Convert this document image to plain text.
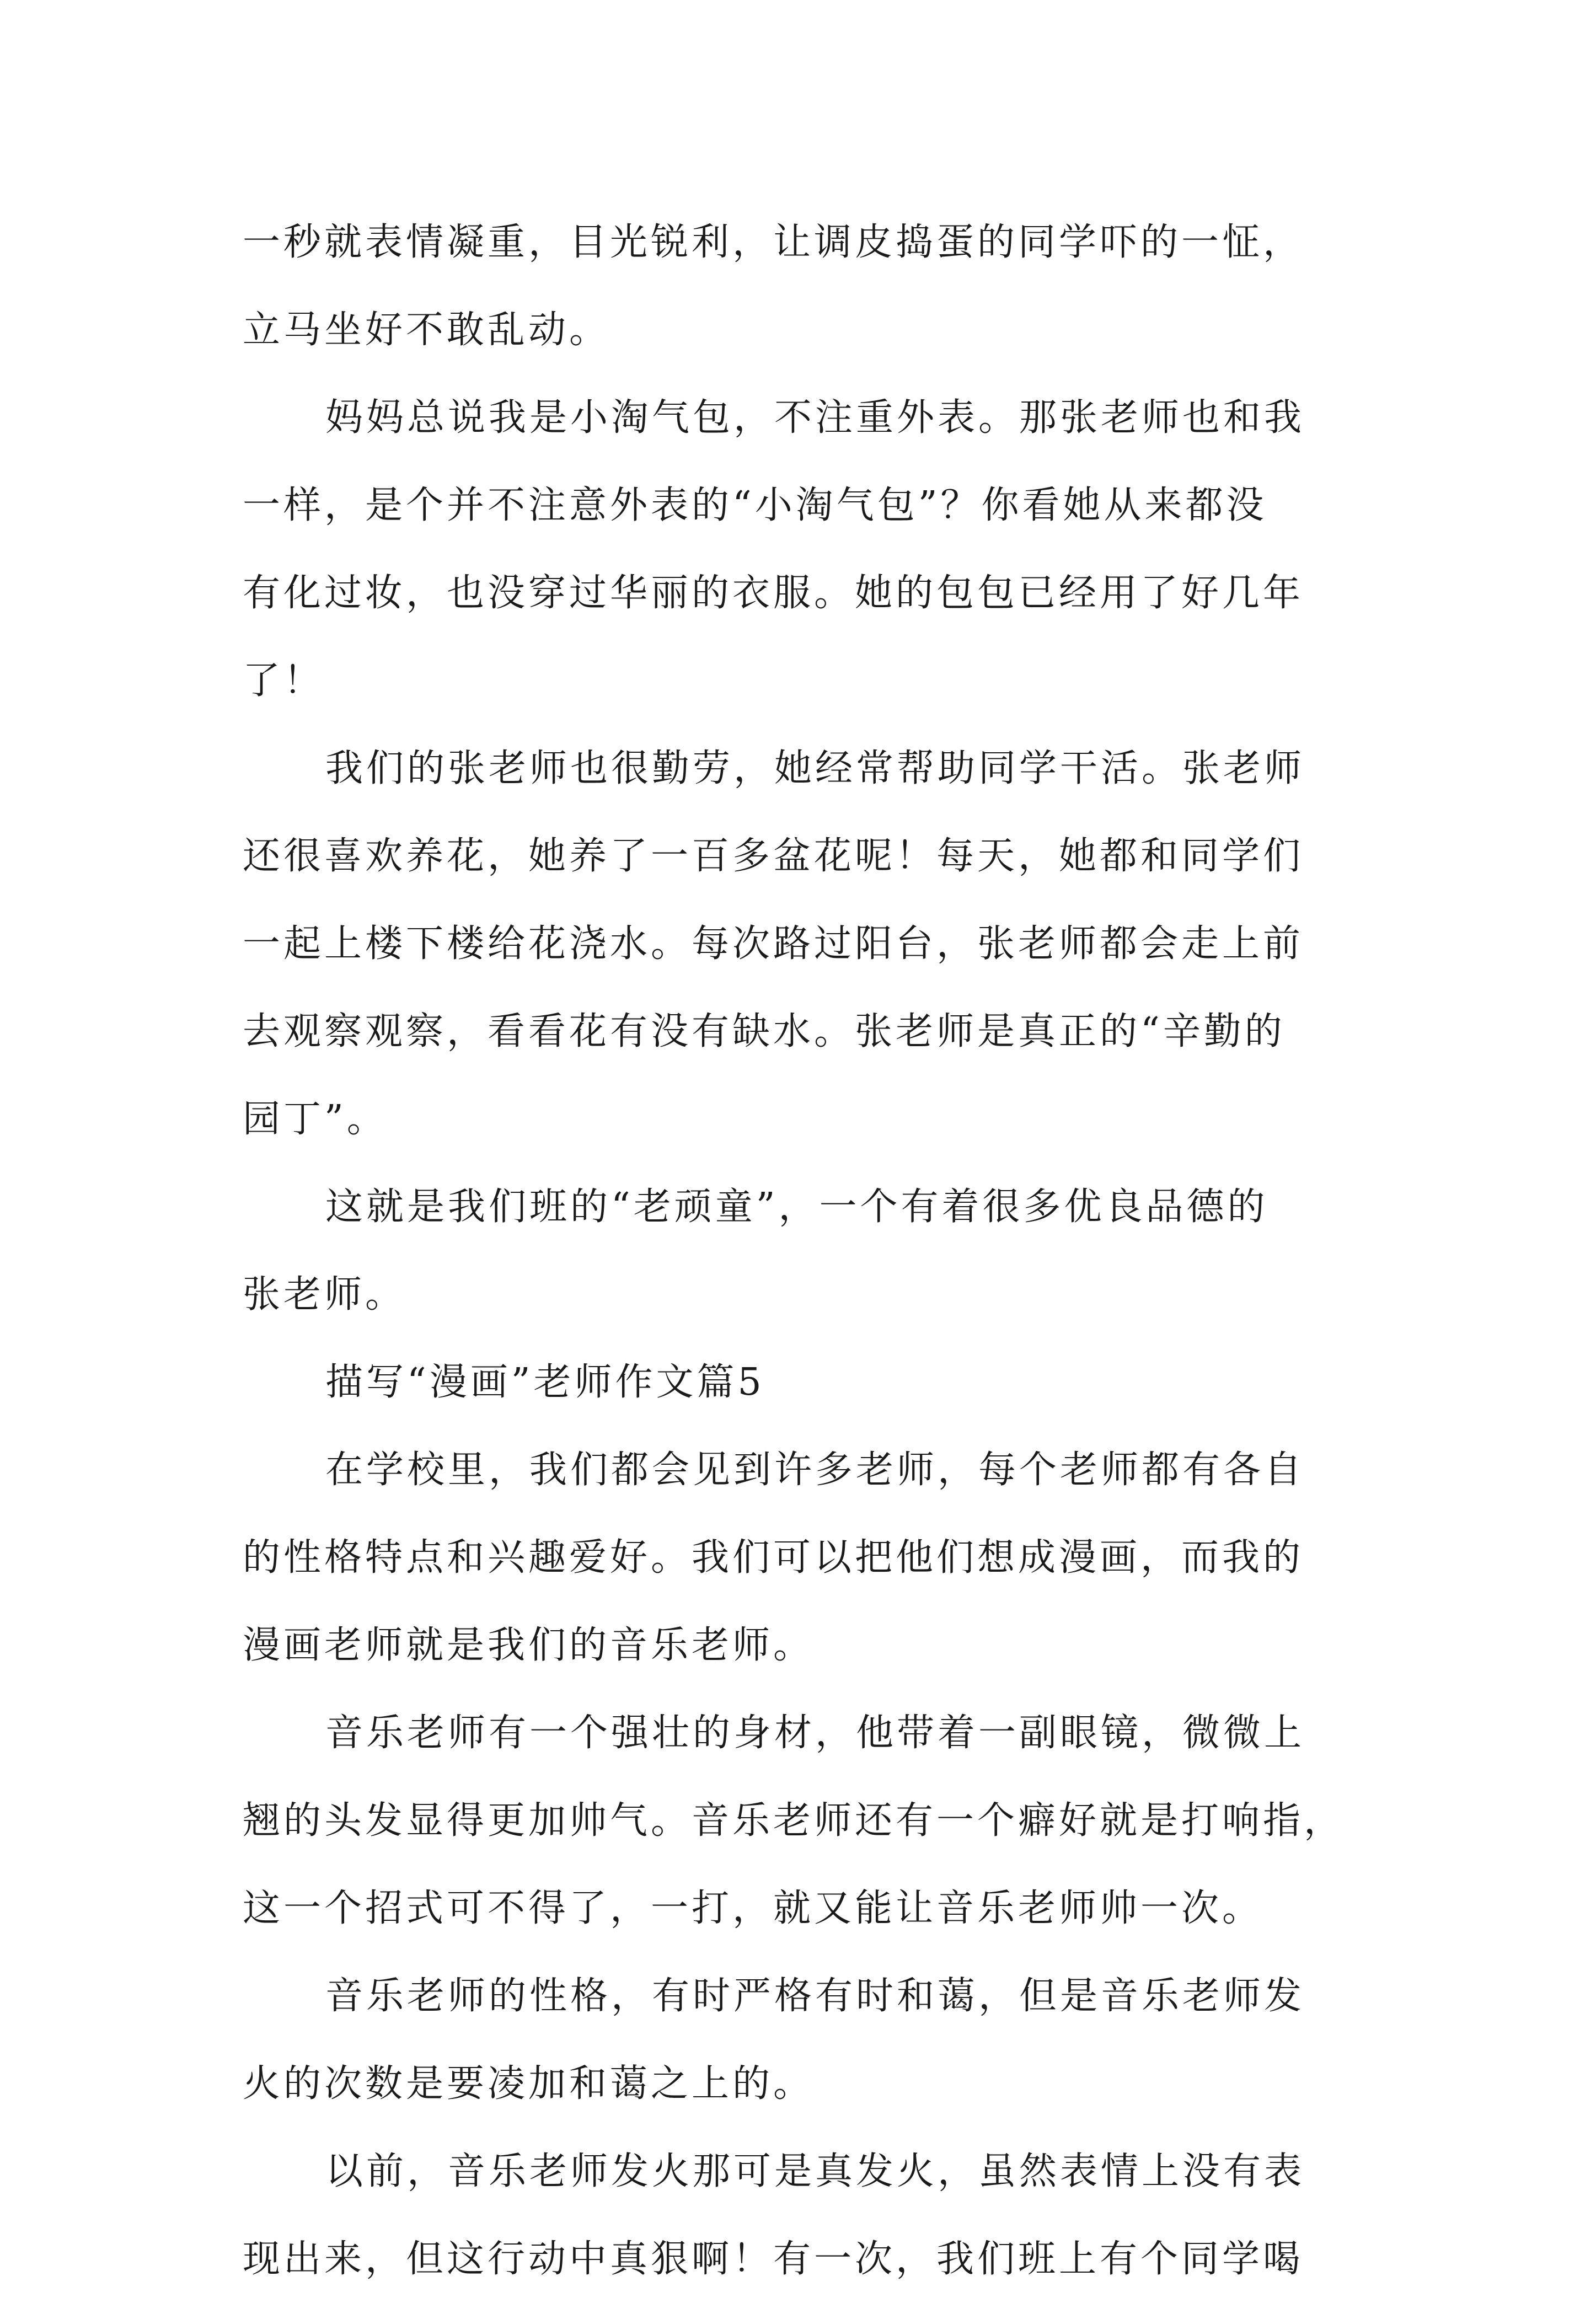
一秒就表情凝重，目光锐利，让调皮捣蛋的同学吓的一怔，
立马坐好不敢乱动。
妈妈总说我是小淘气包，不注重外表。那张老师也和我
一样，是个并不注意外表的“小淘气包”？你看她从来都没
有化过妆，也没穿过华丽的衣服。她的包包已经用了好几年
了！
我们的张老师也很勤劳，她经常帮助同学干活。张老师
还很喜欢养花，她养了一百多盆花呢！每天，她都和同学们
一起上楼下楼给花浇水。每次路过阳台，张老师都会走上前
去观察观察，看看花有没有缺水。张老师是真正的“辛勤的
园丁”。
这就是我们班的“老顽童”，一个有着很多优良品德的
张老师。
描写“漫画”老师作文篇5
在学校里，我们都会见到许多老师，每个老师都有各自
的性格特点和兴趣爱好。我们可以把他们想成漫画，而我的
漫画老师就是我们的音乐老师。
音乐老师有一个强壮的身材，他带着一副眼镜，微微上
翘的头发显得更加帅气。音乐老师还有一个癖好就是打响指，
这一个招式可不得了，一打，就又能让音乐老师帅一次。
音乐老师的性格，有时严格有时和蔼，但是音乐老师发
火的次数是要凌加和蔼之上的。
以前，音乐老师发火那可是真发火，虽然表情上没有表
现出来，但这行动中真狠啊！有一次，我们班上有个同学喝
